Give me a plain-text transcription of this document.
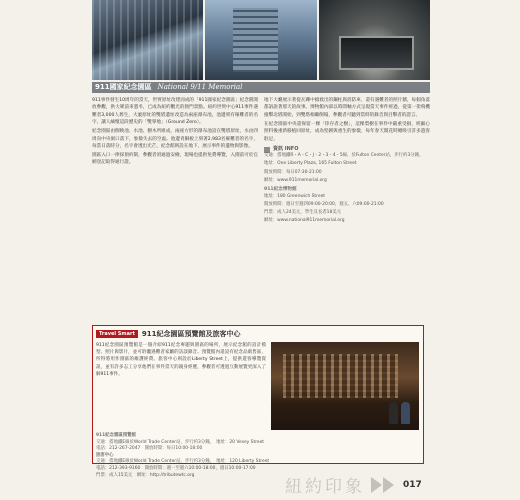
911國家紀念園區 National 9/11 Memorial

911事件發生10周年的當天，世貿原址改建而成的「911國家紀念園區」紀念園開放參觀，供大眾前來憑弔，已成為紐約觀光的熱門景點。紐約世貿中心911事件遇難者3,000人葬生，大廈原址的雙塔遺址改造為兩座瀑布池，池邊刻有罹難者的名字，讓人緬懷這段歷史的「雙零地」（Ground Zero）。

紀念園區由倒映池、水池、樹木所組成，兩座方形的瀑布池設在雙塔原址，水由四周向中央洞口落下，象徵失去的空虛。池邊青銅板上刻著2,983名罹難者的名字，每當日落時分，名字會透出光芒，紀念館則設在地下，展示事件的遺物與影像。

園區入口一律採預約制，參觀者須通過安檢，現場也提供免費導覽，入園前可於官網登記取得通行證。

地下大廳展示著從瓦礫中搶救出的鋼柱與消防車，還有遇難者的照片牆，每個角落都訴說著那天的故事。博物館內部以時間軸方式呈現當天事件經過，從第一架飛機撞擊北塔開始，到雙塔相繼倒塌，參觀者可聽到當時的錄音與目擊者的證言。

在紀念園區中央還保留一棵「倖存者之樹」，這棵梨樹在事件中嚴重受損，經細心照料後重新移植回原址，成為堅韌與重生的象徵，每年春天開花時總吸引許多遊客駐足。

資訊 INFO

交通：搭地鐵R・A・C・J・2・3・4・5線，於Fulton Center站，步行約3分鐘。

地址：One Liberty Plaza, 165 Fulton Street

開放時間：每日07:30-21:00

網址：www.911memorial.org

911紀念博物館

地址：180 Greenwich Street

開放時間：週日至週四09:00-20:00，週五、六09:00-21:00

門票：成人24美元，學生及長者18美元

網址：www.national911memorial.org

Travel Smart	911紀念園區預覽館及旅客中心
911紀念園區預覽館是一個介紹911紀念專題與園區的場所，展示紀念館的設計模型、照片與影片，並可聆聽遇難者家屬的訪談錄音。預覽館內還設有紀念品販售區，所得將用作園區的維護經費。旅客中心則設於Liberty Street上，提供遊客導覽資訊，並有許多志工分享他們在事件當天的親身經歷，參觀者可透過互動展覽更深入了解911事件。

911紀念園區預覽館

交通：搭地鐵E線於World Trade Center站，步行約3分鐘。　地址：20 Vesey Street

電話：212-267-2047　開放時間：每日10:00-18:00

旅客中心

交通：搭地鐵E線於World Trade Center站，步行約3分鐘。　地址：120 Liberty Street

電話：212-393-9160　開放時間：週一至週六10:00-18:00，週日10:00-17:00

門票：成人15美元　網址：http://tributewtc.org

紐約印象	017
